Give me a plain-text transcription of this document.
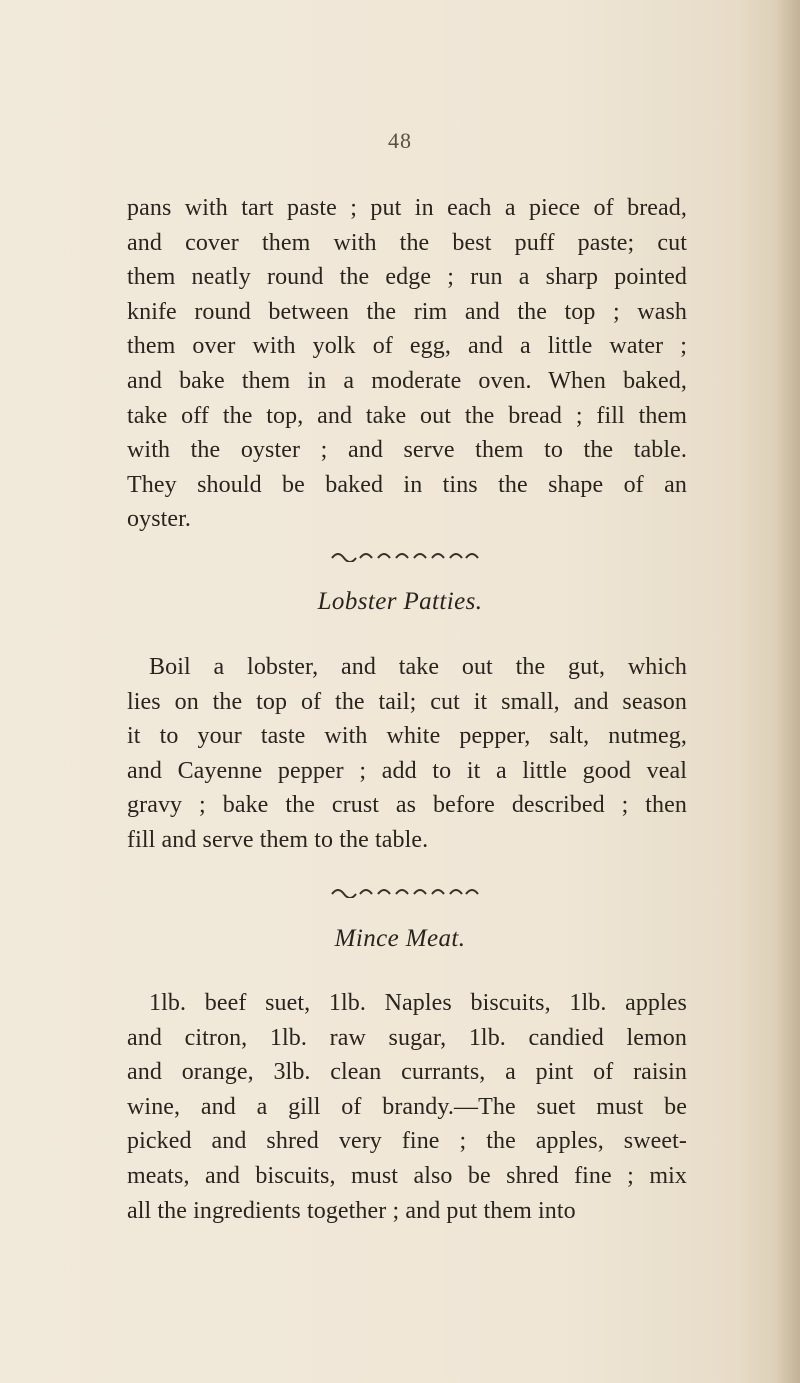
48
pans with tart paste ; put in each a piece of bread,
and cover them with the best puff paste; cut
them neatly round the edge ; run a sharp pointed
knife round between the rim and the top ; wash
them over with yolk of egg, and a little water ;
and bake them in a moderate oven. When baked,
take off the top, and take out the bread ; fill them
with the oyster ; and serve them to the table.
They should be baked in tins the shape of an
oyster.
Lobster Patties.
Boil a lobster, and take out the gut, which
lies on the top of the tail; cut it small, and season
it to your taste with white pepper, salt, nutmeg,
and Cayenne pepper ; add to it a little good veal
gravy ; bake the crust as before described ; then
fill and serve them to the table.
Mince Meat.
1lb. beef suet, 1lb. Naples biscuits, 1lb. apples
and citron, 1lb. raw sugar, 1lb. candied lemon
and orange, 3lb. clean currants, a pint of raisin
wine, and a gill of brandy.—The suet must be
picked and shred very fine ; the apples, sweet-
meats, and biscuits, must also be shred fine ; mix
all the ingredients together ; and put them into
